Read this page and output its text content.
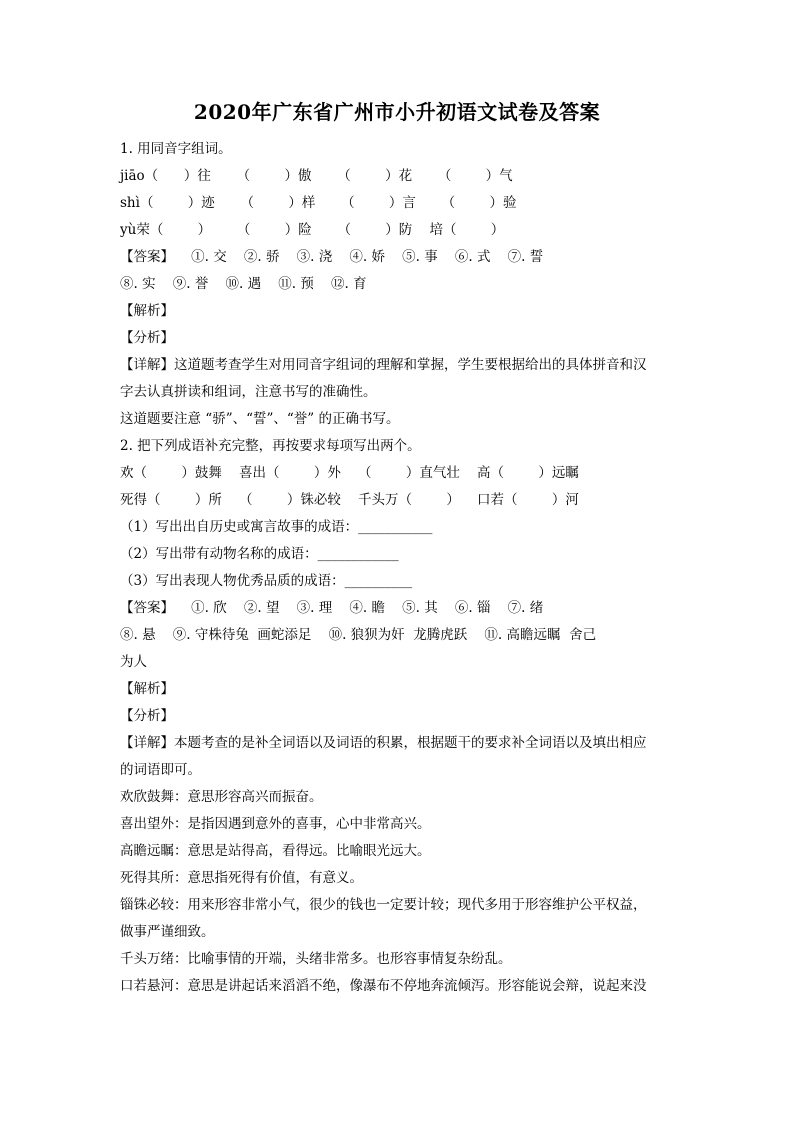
2020年广东省广州市小升初语文试卷及答案
1. 用同音字组词。
jiāo（      ）往      （        ）傲      （        ）花      （        ）气
shì（        ）迹      （        ）样      （        ）言      （        ）验
yù荣（        ）      （        ）险      （        ）防    培（        ）
【答案】    ①. 交    ②. 骄    ③. 浇    ④. 娇    ⑤. 事    ⑥. 式    ⑦. 誓
⑧. 实    ⑨. 誉    ⑩. 遇    ⑪. 预    ⑫. 育
【解析】
【分析】
【详解】这道题考查学生对用同音字组词的理解和掌握，学生要根据给出的具体拼音和汉
字去认真拼读和组词，注意书写的准确性。
这道题要注意 “骄”、“誓”、“誉” 的正确书写。
2. 把下列成语补充完整，再按要求每项写出两个。
欢（        ）鼓舞    喜出（        ）外    （        ）直气壮    高（        ）远瞩
死得（        ）所    （        ）铢必较    千头万（        ）    口若（        ）河
（1）写出出自历史或寓言故事的成语：___________
（2）写出带有动物名称的成语：____________
（3）写出表现人物优秀品质的成语：__________
【答案】    ①. 欣    ②. 望    ③. 理    ④. 瞻    ⑤. 其    ⑥. 锱    ⑦. 绪
⑧. 悬    ⑨. 守株待兔  画蛇添足    ⑩. 狼狈为奸  龙腾虎跃    ⑪. 高瞻远瞩  舍己
为人
【解析】
【分析】
【详解】本题考查的是补全词语以及词语的积累，根据题干的要求补全词语以及填出相应
的词语即可。
欢欣鼓舞：意思形容高兴而振奋。
喜出望外：是指因遇到意外的喜事，心中非常高兴。
高瞻远瞩：意思是站得高，看得远。比喻眼光远大。
死得其所：意思指死得有价值，有意义。
锱铢必较：用来形容非常小气，很少的钱也一定要计较；现代多用于形容维护公平权益，
做事严谨细致。
千头万绪：比喻事情的开端，头绪非常多。也形容事情复杂纷乱。
口若悬河：意思是讲起话来滔滔不绝，像瀑布不停地奔流倾泻。形容能说会辩，说起来没
